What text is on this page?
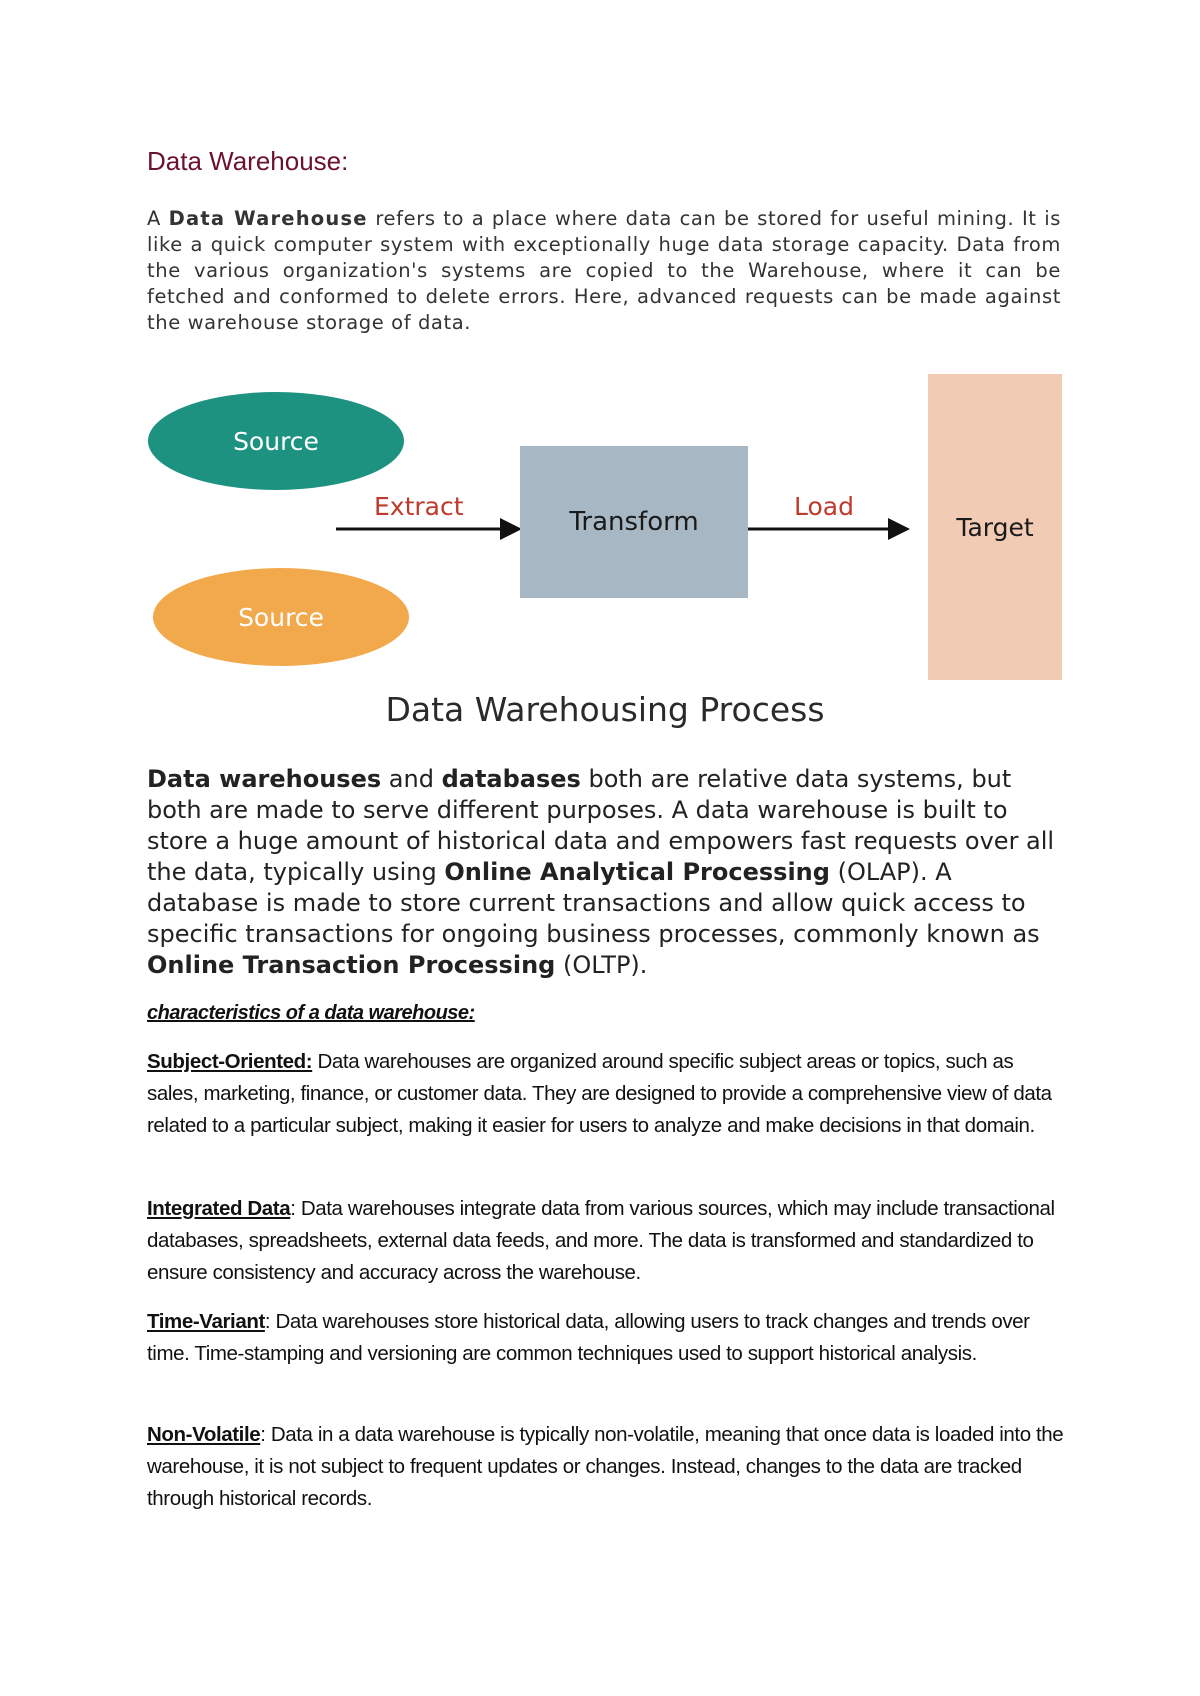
Data Warehouse:

A Data Warehouse refers to a place where data can be stored for useful mining. It is like a quick computer system with exceptionally huge data storage capacity. Data from the various organization's systems are copied to the Warehouse, where it can be fetched and conformed to delete errors. Here, advanced requests can be made against the warehouse storage of data.

Source
Source
Extract	Load
Transform	Target
Data Warehousing Process

Data warehouses and databases both are relative data systems, but both are made to serve different purposes. A data warehouse is built to store a huge amount of historical data and empowers fast requests over all the data, typically using Online Analytical Processing (OLAP). A database is made to store current transactions and allow quick access to specific transactions for ongoing business processes, commonly known as Online Transaction Processing (OLTP).

characteristics of a data warehouse:

Subject-Oriented: Data warehouses are organized around specific subject areas or topics, such as sales, marketing, finance, or customer data. They are designed to provide a comprehensive view of data related to a particular subject, making it easier for users to analyze and make decisions in that domain.

Integrated Data: Data warehouses integrate data from various sources, which may include transactional databases, spreadsheets, external data feeds, and more. The data is transformed and standardized to ensure consistency and accuracy across the warehouse.

Time-Variant: Data warehouses store historical data, allowing users to track changes and trends over time. Time-stamping and versioning are common techniques used to support historical analysis.

Non-Volatile: Data in a data warehouse is typically non-volatile, meaning that once data is loaded into the warehouse, it is not subject to frequent updates or changes. Instead, changes to the data are tracked through historical records.
